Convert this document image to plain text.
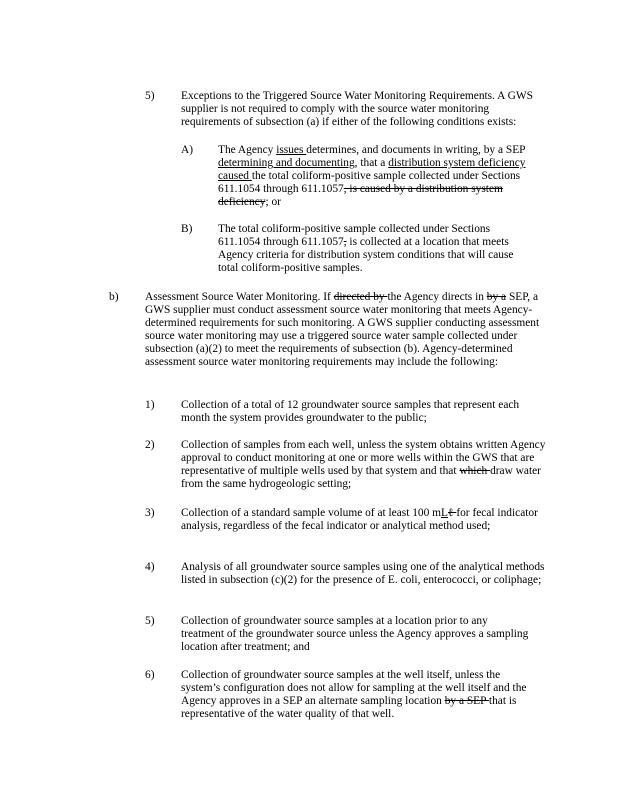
5) Exceptions to the Triggered Source Water Monitoring Requirements. A GWS supplier is not required to comply with the source water monitoring requirements of subsection (a) if either of the following conditions exists:

A) The Agency issues determines, and documents in writing, by a SEP determining and documenting, that a distribution system deficiency caused the total coliform-positive sample collected under Sections 611.1054 through 611.1057, is caused by a distribution system deficiency; or

B) The total coliform-positive sample collected under Sections 611.1054 through 611.1057, is collected at a location that meets Agency criteria for distribution system conditions that will cause total coliform-positive samples.

b) Assessment Source Water Monitoring. If directed by the Agency directs in by a SEP, a GWS supplier must conduct assessment source water monitoring that meets Agency-determined requirements for such monitoring. A GWS supplier conducting assessment source water monitoring may use a triggered source water sample collected under subsection (a)(2) to meet the requirements of subsection (b). Agency-determined assessment source water monitoring requirements may include the following:

1) Collection of a total of 12 groundwater source samples that represent each month the system provides groundwater to the public;

2) Collection of samples from each well, unless the system obtains written Agency approval to conduct monitoring at one or more wells within the GWS that are representative of multiple wells used by that system and that which draw water from the same hydrogeologic setting;

3) Collection of a standard sample volume of at least 100 mLℓ for fecal indicator analysis, regardless of the fecal indicator or analytical method used;

4) Analysis of all groundwater source samples using one of the analytical methods listed in subsection (c)(2) for the presence of E. coli, enterococci, or coliphage;

5) Collection of groundwater source samples at a location prior to any treatment of the groundwater source unless the Agency approves a sampling location after treatment; and

6) Collection of groundwater source samples at the well itself, unless the system’s configuration does not allow for sampling at the well itself and the Agency approves in a SEP an alternate sampling location by a SEP that is representative of the water quality of that well.
